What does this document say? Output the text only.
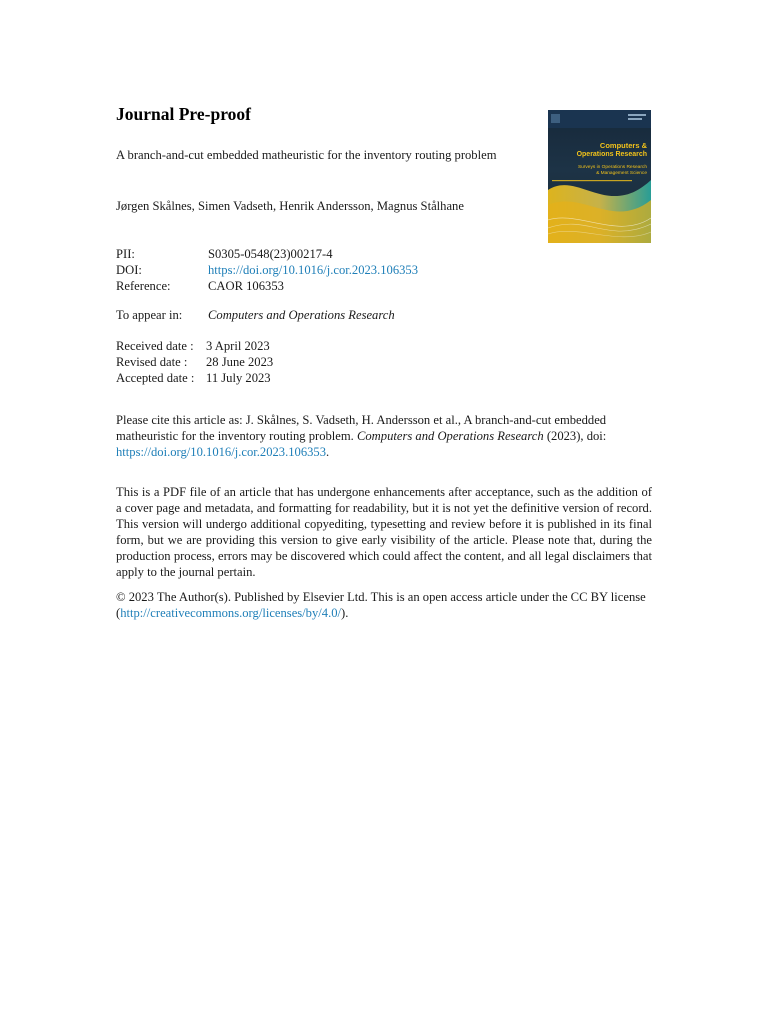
Journal Pre-proof
Computers &
Operations Research
Surveys in Operations Research
& Management Science
A branch-and-cut embedded matheuristic for the inventory routing problem
Jørgen Skålnes, Simen Vadseth, Henrik Andersson, Magnus Stålhane
PII:	S0305-0548(23)00217-4
DOI:	https://doi.org/10.1016/j.cor.2023.106353
Reference:	CAOR 106353
To appear in:	Computers and Operations Research
Received date : 3 April 2023
Revised date :	28 June 2023
Accepted date : 11 July 2023
Please cite this article as: J. Skålnes, S. Vadseth, H. Andersson et al., A branch-and-cut embedded matheuristic for the inventory routing problem. Computers and Operations Research (2023), doi: https://doi.org/10.1016/j.cor.2023.106353.
This is a PDF file of an article that has undergone enhancements after acceptance, such as the addition of a cover page and metadata, and formatting for readability, but it is not yet the definitive version of record. This version will undergo additional copyediting, typesetting and review before it is published in its final form, but we are providing this version to give early visibility of the article. Please note that, during the production process, errors may be discovered which could affect the content, and all legal disclaimers that apply to the journal pertain.
© 2023 The Author(s). Published by Elsevier Ltd. This is an open access article under the CC BY license (http://creativecommons.org/licenses/by/4.0/).
